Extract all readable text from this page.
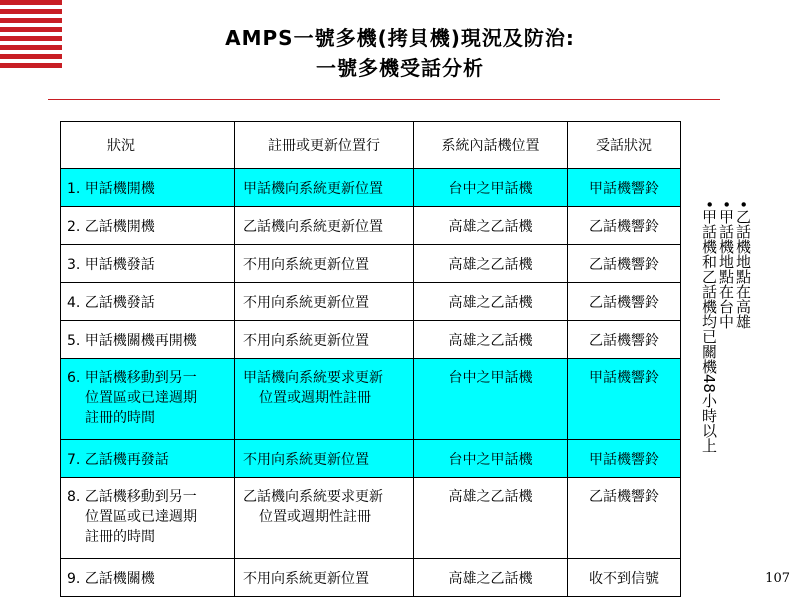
AMPS一號多機(拷貝機)現況及防治:
一號多機受話分析
狀況	註冊或更新位置行	系統內話機位置	受話狀況

1. 甲話機開機	甲話機向系統更新位置	台中之甲話機	甲話機響鈴

2. 乙話機開機	乙話機向系統更新位置	高雄之乙話機	乙話機響鈴

3. 甲話機發話	不用向系統更新位置	高雄之乙話機	乙話機響鈴

4. 乙話機發話	不用向系統更新位置	高雄之乙話機	乙話機響鈴

5. 甲話機關機再開機	不用向系統更新位置	高雄之乙話機	乙話機響鈴

6. 甲話機移動到另一
位置區或已達週期
註冊的時間	甲話機向系統要求更新
位置或週期性註冊	台中之甲話機	甲話機響鈴

7. 乙話機再發話	不用向系統更新位置	台中之甲話機	甲話機響鈴

8. 乙話機移動到另一
位置區或已達週期
註冊的時間	乙話機向系統要求更新
位置或週期性註冊	高雄之乙話機	乙話機響鈴

9. 乙話機關機	不用向系統更新位置	高雄之乙話機	收不到信號
•乙話機地點在高雄
•甲話機地點在台中
•甲話機和乙話機均已關機48小時以上
107
